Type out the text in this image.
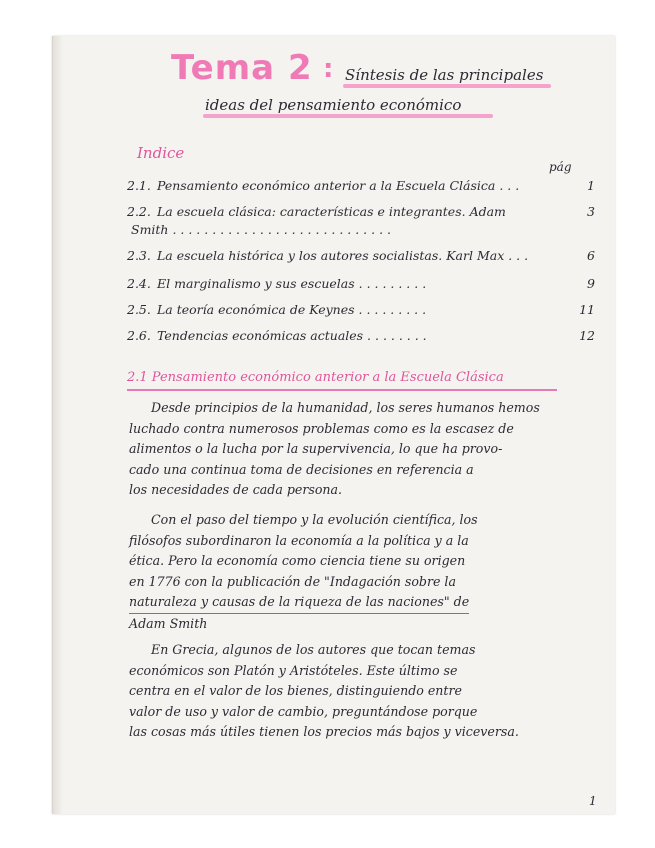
Tema 2 : Síntesis de las principales
ideas del pensamiento económico
Indice
pág
2.1. Pensamiento económico anterior a la Escuela Clásica . . .	1
2.2. La escuela clásica: características e integrantes. Adam	3
Smith . . . . . . . . . . . . . . . . . . . . . . . . . . . .
2.3. La escuela histórica y los autores socialistas. Karl Max . . .	6
2.4. El marginalismo y sus escuelas . . . . . . . . .	9
2.5. La teoría económica de Keynes . . . . . . . . .	11
2.6. Tendencias económicas actuales . . . . . . . .	12
2.1 Pensamiento económico anterior a la Escuela Clásica
Desde principios de la humanidad, los seres humanos hemos
luchado contra numerosos problemas como es la escasez de
alimentos o la lucha por la supervivencia, lo que ha provo-
cado una continua toma de decisiones en referencia a
los necesidades de cada persona.
Con el paso del tiempo y la evolución científica, los
filósofos subordinaron la economía a la política y a la
ética. Pero la economía como ciencia tiene su origen
en 1776 con la publicación de "Indagación sobre la
naturaleza y causas de la riqueza de las naciones" de
Adam Smith
En Grecia, algunos de los autores que tocan temas
económicos son Platón y Aristóteles. Este último se
centra en el valor de los bienes, distinguiendo entre
valor de uso y valor de cambio, preguntándose porque
las cosas más útiles tienen los precios más bajos y viceversa.
1
